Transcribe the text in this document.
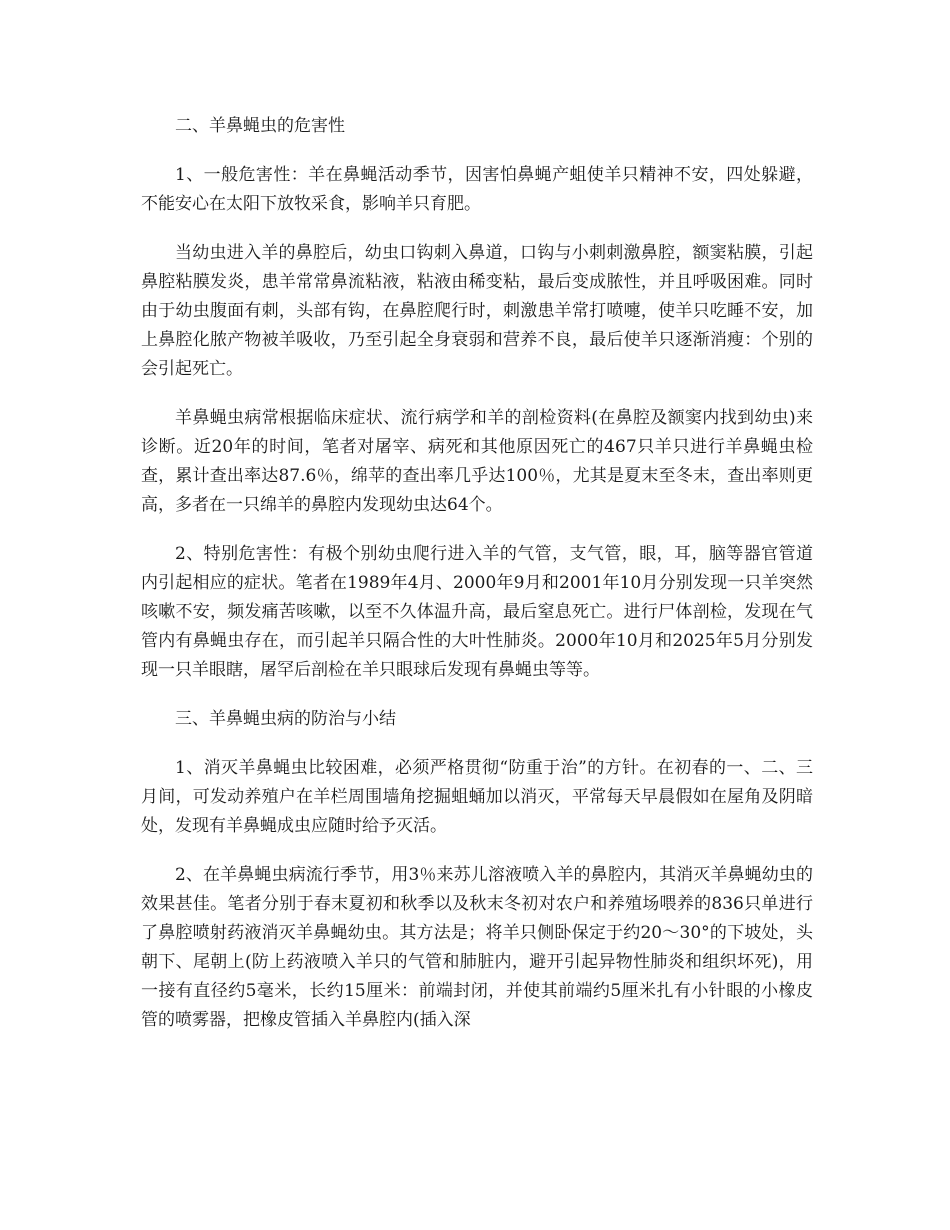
二、羊鼻蝇虫的危害性

1、一般危害性：羊在鼻蝇活动季节，因害怕鼻蝇产蛆使羊只精神不安，四处躲避，不能安心在太阳下放牧采食，影响羊只育肥。

当幼虫进入羊的鼻腔后，幼虫口钩刺入鼻道，口钩与小刺刺激鼻腔，额窦粘膜，引起鼻腔粘膜发炎，患羊常常鼻流粘液，粘液由稀变粘，最后变成脓性，并且呼吸困难。同时由于幼虫腹面有刺，头部有钩，在鼻腔爬行时，刺激患羊常打喷嚏，使羊只吃睡不安，加上鼻腔化脓产物被羊吸收，乃至引起全身衰弱和营养不良，最后使羊只逐渐消瘦：个别的会引起死亡。

羊鼻蝇虫病常根据临床症状、流行病学和羊的剖检资料(在鼻腔及额窦内找到幼虫)来诊断。近20年的时间，笔者对屠宰、病死和其他原因死亡的467只羊只进行羊鼻蝇虫检查，累计查出率达87.6％，绵苹的查出率几乎达100％，尤其是夏末至冬末，查出率则更高，多者在一只绵羊的鼻腔内发现幼虫达64个。

2、特别危害性：有极个别幼虫爬行进入羊的气管，支气管，眼，耳，脑等器官管道内引起相应的症状。笔者在1989年4月、2000年9月和2001年10月分别发现一只羊突然咳嗽不安，频发痛苦咳嗽，以至不久体温升高，最后窒息死亡。进行尸体剖检，发现在气管内有鼻蝇虫存在，而引起羊只隔合性的大叶性肺炎。2000年10月和2025年5月分别发现一只羊眼瞎，屠罕后剖检在羊只眼球后发现有鼻蝇虫等等。

三、羊鼻蝇虫病的防治与小结

1、消灭羊鼻蝇虫比较困难，必须严格贯彻“防重于治”的方针。在初春的一、二、三月间，可发动养殖户在羊栏周围墙角挖掘蛆蛹加以消灭，平常每天早晨假如在屋角及阴暗处，发现有羊鼻蝇成虫应随时给予灭活。

2、在羊鼻蝇虫病流行季节，用3％来苏儿溶液喷入羊的鼻腔内，其消灭羊鼻蝇幼虫的效果甚佳。笔者分别于春末夏初和秋季以及秋末冬初对农户和养殖场喂养的836只单进行了鼻腔喷射药液消灭羊鼻蝇幼虫。其方法是；将羊只侧卧保定于约20～30°的下坡处，头朝下、尾朝上(防上药液喷入羊只的气管和肺脏内，避开引起异物性肺炎和组织坏死)，用一接有直径约5毫米，长约15厘米：前端封闭，并使其前端约5厘米扎有小针眼的小橡皮管的喷雾器，把橡皮管插入羊鼻腔内(插入深
